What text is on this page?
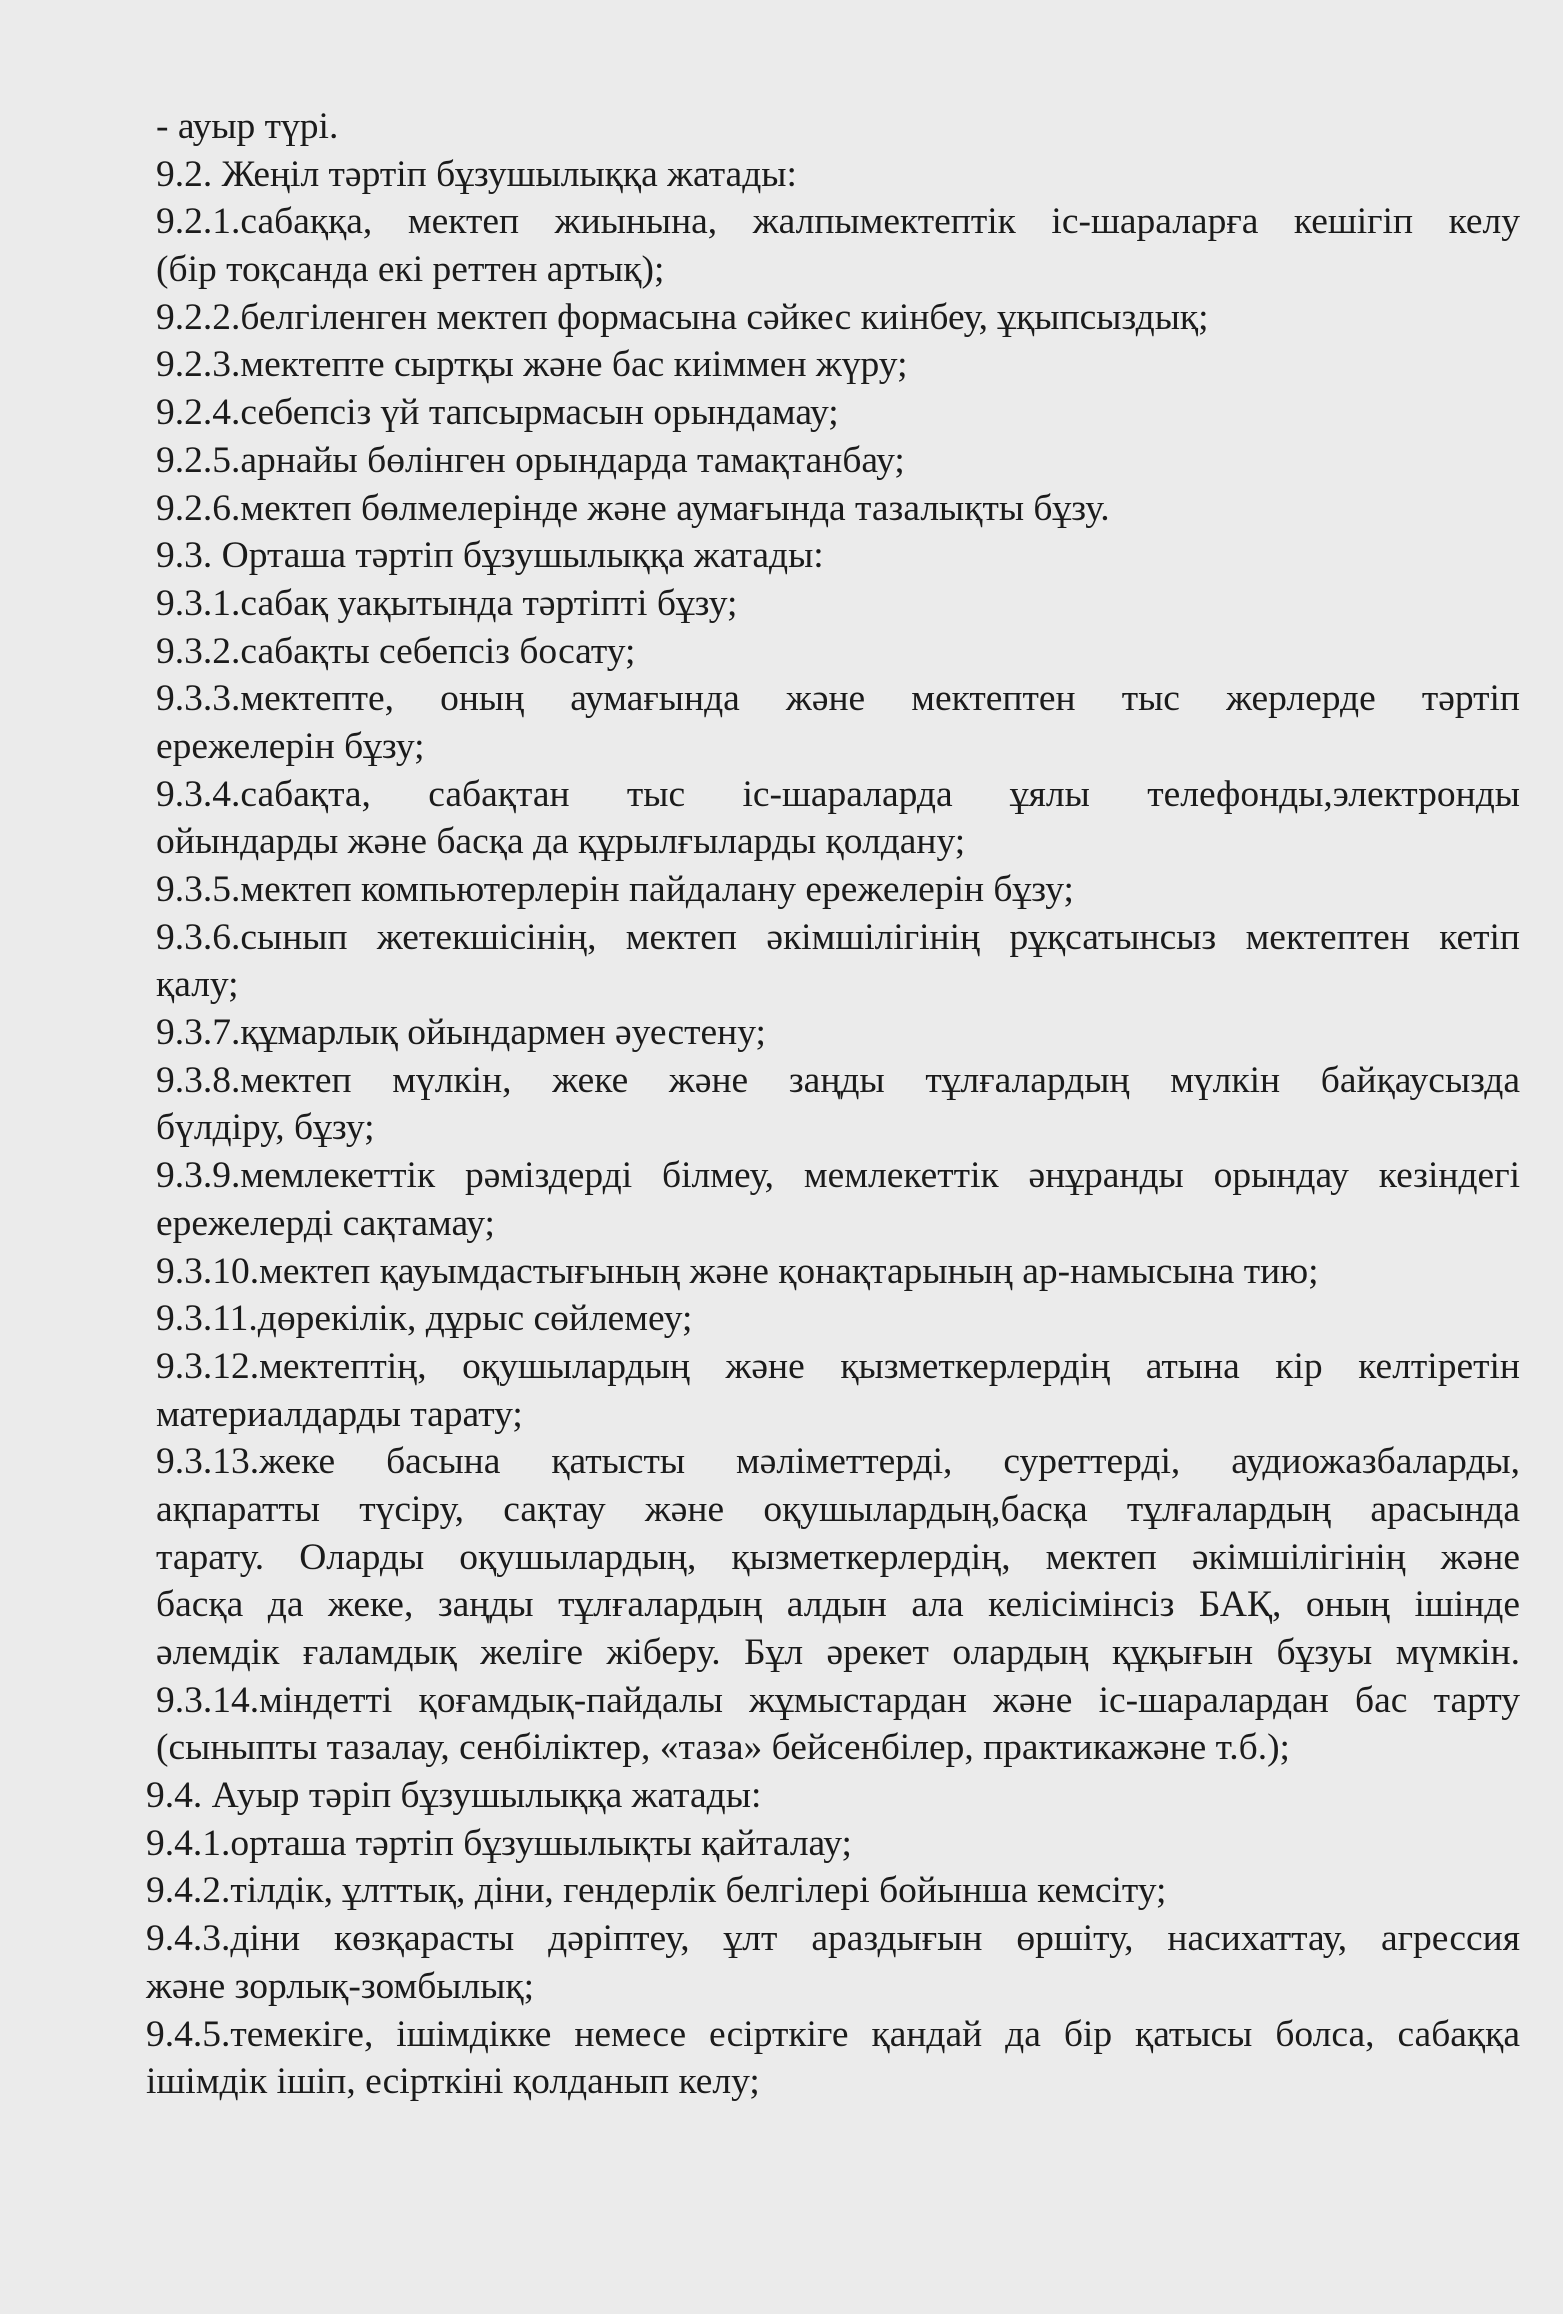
- ауыр түрі.
9.2. Жеңіл тәртіп бұзушылыққа жатады:
9.2.1.сабаққа, мектеп жиынына, жалпымектептік іс-шараларға кешігіп келу
(бір тоқсанда екі реттен артық);
9.2.2.белгіленген мектеп формасына сәйкес киінбеу, ұқыпсыздық;
9.2.3.мектепте сыртқы және бас киіммен жүру;
9.2.4.себепсіз үй тапсырмасын орындамау;
9.2.5.арнайы бөлінген орындарда тамақтанбау;
9.2.6.мектеп бөлмелерінде және аумағында тазалықты бұзу.
9.3. Орташа тәртіп бұзушылыққа жатады:
9.3.1.сабақ уақытында тәртіпті бұзу;
9.3.2.сабақты себепсіз босату;
9.3.3.мектепте, оның аумағында және мектептен тыс жерлерде тәртіп
ережелерін бұзу;
9.3.4.сабақта, сабақтан тыс іс-шараларда ұялы телефонды,электронды
ойындарды және басқа да құрылғыларды қолдану;
9.3.5.мектеп компьютерлерін пайдалану ережелерін бұзу;
9.3.6.сынып жетекшісінің, мектеп әкімшілігінің рұқсатынсыз мектептен кетіп
қалу;
9.3.7.құмарлық ойындармен әуестену;
9.3.8.мектеп мүлкін, жеке және заңды тұлғалардың мүлкін байқаусызда
бүлдіру, бұзу;
9.3.9.мемлекеттік рәміздерді білмеу, мемлекеттік әнұранды орындау кезіндегі
ережелерді сақтамау;
9.3.10.мектеп қауымдастығының және қонақтарының ар-намысына тию;
9.3.11.дөрекілік, дұрыс сөйлемеу;
9.3.12.мектептің, оқушылардың және қызметкерлердің атына кір келтіретін
материалдарды тарату;
9.3.13.жеке басына қатысты мәліметтерді, суреттерді, аудиожазбаларды,
ақпаратты түсіру, сақтау және оқушылардың,басқа тұлғалардың арасында
тарату. Оларды оқушылардың, қызметкерлердің, мектеп әкімшілігінің және
басқа да жеке, заңды тұлғалардың алдын ала келісімінсіз БАҚ, оның ішінде
әлемдік ғаламдық желіге жіберу. Бұл әрекет олардың құқығын бұзуы мүмкін.
9.3.14.міндетті қоғамдық-пайдалы жұмыстардан және іс-шаралардан бас тарту
(сыныпты тазалау, сенбіліктер, «таза» бейсенбілер, практикажәне т.б.);
9.4. Ауыр тәріп бұзушылыққа жатады:
9.4.1.орташа тәртіп бұзушылықты қайталау;
9.4.2.тілдік, ұлттық, діни, гендерлік белгілері бойынша кемсіту;
9.4.3.діни көзқарасты дәріптеу, ұлт араздығын өршіту, насихаттау, агрессия
және зорлық-зомбылық;
9.4.5.темекіге, ішімдікке немесе есірткіге қандай да бір қатысы болса, сабаққа
ішімдік ішіп, есірткіні қолданып келу;
